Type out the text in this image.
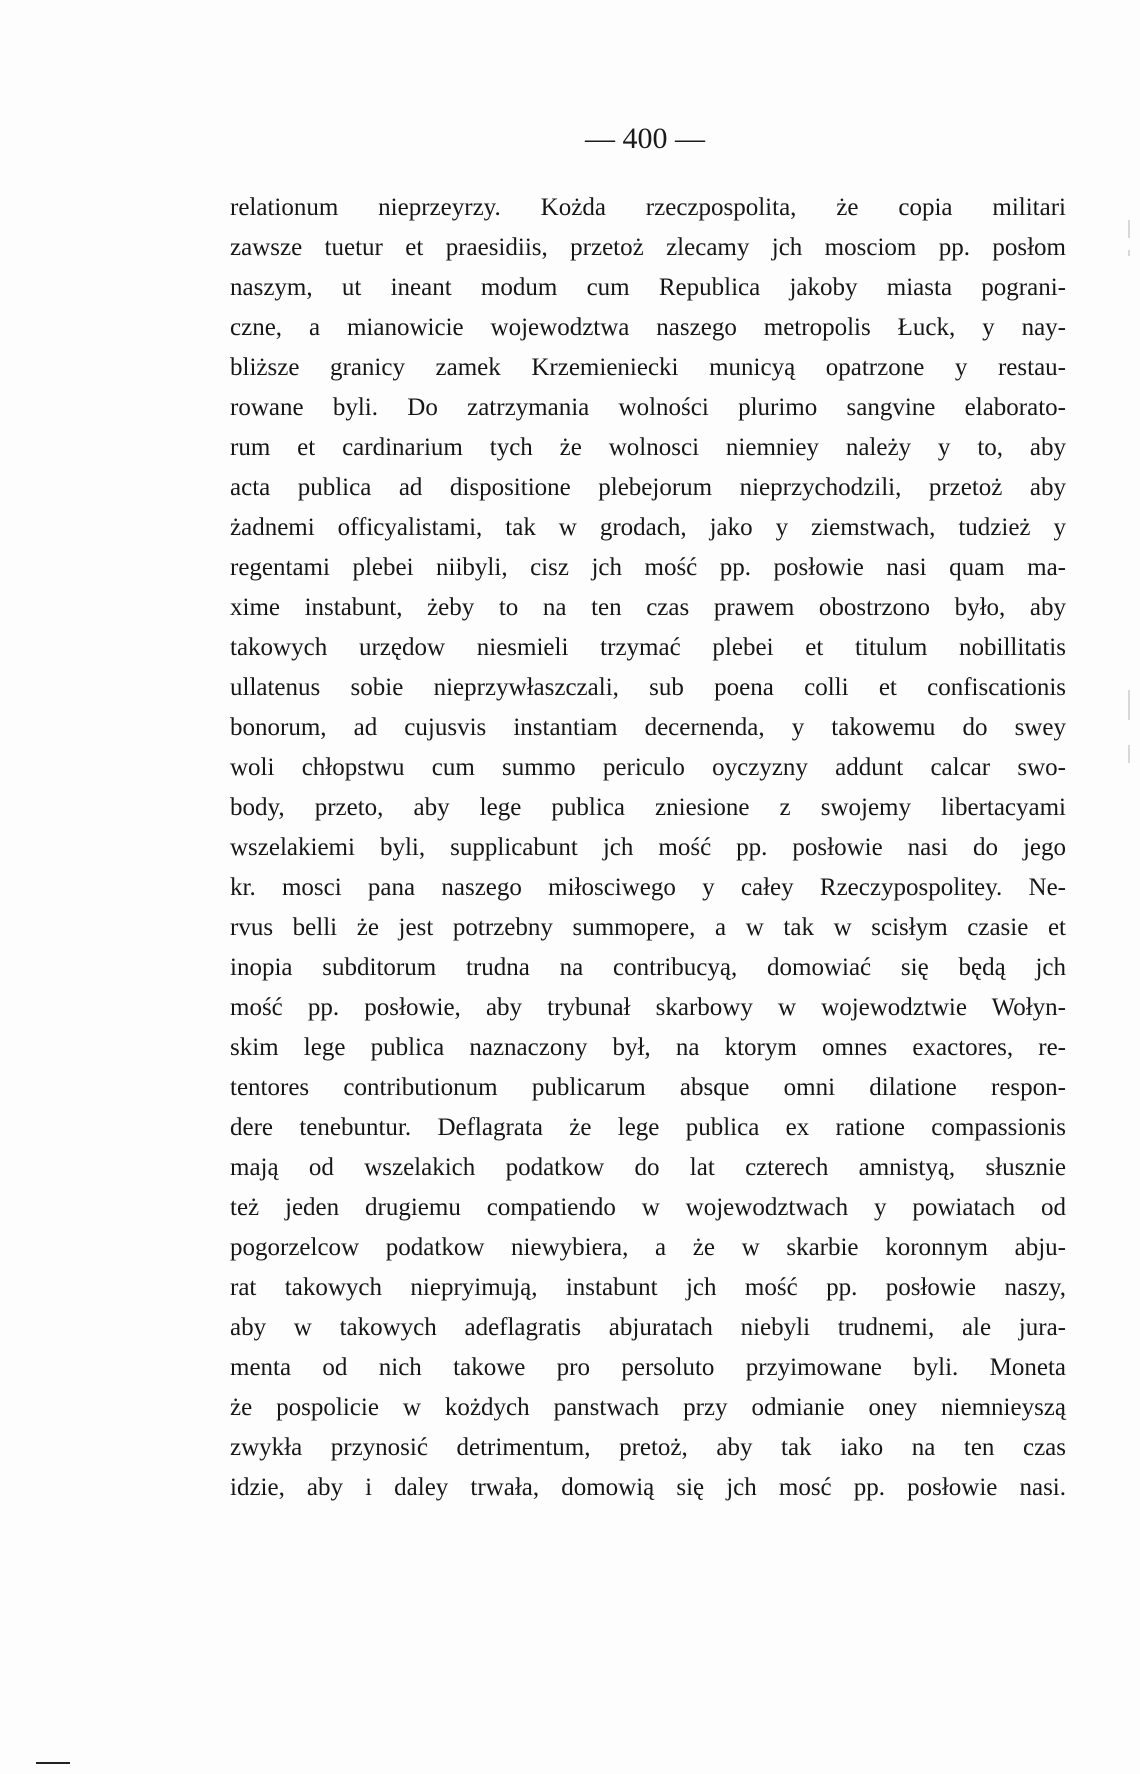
— 400 —
relationum nieprzeyrzy. Kożda rzeczpospolita, że copia militari
zawsze tuetur et praesidiis, przetoż zlecamy jch mosciom pp. posłom
naszym, ut ineant modum cum Republica jakoby miasta pograni-
czne, a mianowicie wojewodztwa naszego metropolis Łuck, y nay-
bliższe granicy zamek Krzemieniecki municyą opatrzone y restau-
rowane byli. Do zatrzymania wolności plurimo sangvine elaborato-
rum et cardinarium tych że wolnosci niemniey należy y to, aby
acta publica ad dispositione plebejorum nieprzychodzili, przetoż aby
żadnemi officyalistami, tak w grodach, jako y ziemstwach, tudzież y
regentami plebei niibyli, cisz jch mość pp. posłowie nasi quam ma-
xime instabunt, żeby to na ten czas prawem obostrzono było, aby
takowych urzędow niesmieli trzymać plebei et titulum nobillitatis
ullatenus sobie nieprzywłaszczali, sub poena colli et confiscationis
bonorum, ad cujusvis instantiam decernenda, y takowemu do swey
woli chłopstwu cum summo periculo oyczyzny addunt calcar swo-
body, przeto, aby lege publica zniesione z swojemy libertacyami
wszelakiemi byli, supplicabunt jch mość pp. posłowie nasi do jego
kr. mosci pana naszego miłosciwego y całey Rzeczypospolitey. Ne-
rvus belli że jest potrzebny summopere, a w tak w scisłym czasie et
inopia subditorum trudna na contribucyą, domowiać się będą jch
mość pp. posłowie, aby trybunał skarbowy w wojewodztwie Wołyn-
skim lege publica naznaczony był, na ktorym omnes exactores, re-
tentores contributionum publicarum absque omni dilatione respon-
dere tenebuntur. Deflagrata że lege publica ex ratione compassionis
mają od wszelakich podatkow do lat czterech amnistyą, słusznie
też jeden drugiemu compatiendo w wojewodztwach y powiatach od
pogorzelcow podatkow niewybiera, a że w skarbie koronnym abju-
rat takowych niepryimują, instabunt jch mość pp. posłowie naszy,
aby w takowych adeflagratis abjuratach niebyli trudnemi, ale jura-
menta od nich takowe pro persoluto przyimowane byli. Moneta
że pospolicie w kożdych panstwach przy odmianie oney niemnieyszą
zwykła przynosić detrimentum, pretoż, aby tak iako na ten czas
idzie, aby i daley trwała, domowią się jch mosć pp. posłowie nasi.
